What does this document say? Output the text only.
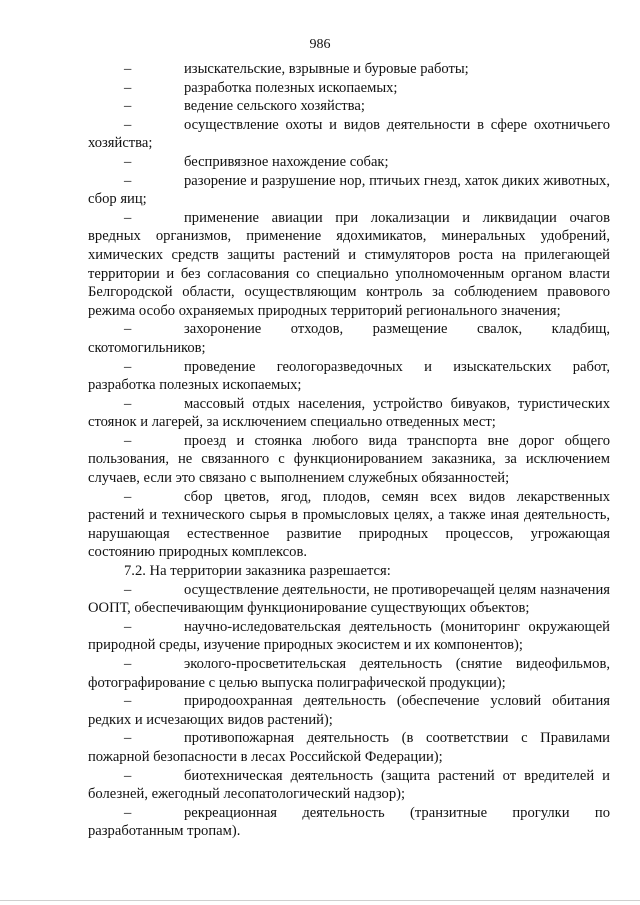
986

–	изыскательские, взрывные и буровые работы;

–	разработка полезных ископаемых;

–	ведение сельского хозяйства;

–	осуществление охоты и видов деятельности в сфере охотничьего хозяйства;

–	беспривязное нахождение собак;

–	разорение и разрушение нор, птичьих гнезд, хаток диких животных, сбор яиц;

–	применение авиации при локализации и ликвидации очагов вредных организмов, применение ядохимикатов, минеральных удобрений, химических средств защиты растений и стимуляторов роста на прилегающей территории и без согласования со специально уполномоченным органом власти Белгородской области, осуществляющим контроль за соблюдением правового режима особо охраняемых природных территорий регионального значения;

–	захоронение отходов, размещение свалок, кладбищ, скотомогильников;

–	проведение геологоразведочных и изыскательских работ, разработка полезных ископаемых;

–	массовый отдых населения, устройство бивуаков, туристических стоянок и лагерей, за исключением специально отведенных мест;

–	проезд и стоянка любого вида транспорта вне дорог общего пользования, не связанного с функционированием заказника, за исключением случаев, если это связано с выполнением служебных обязанностей;

–	сбор цветов, ягод, плодов, семян всех видов лекарственных растений и технического сырья в промысловых целях, а также иная деятельность, нарушающая естественное развитие природных процессов, угрожающая состоянию природных комплексов.

7.2. На территории заказника разрешается:

–	осуществление деятельности, не противоречащей целям назначения ООПТ, обеспечивающим функционирование существующих объектов;

–	научно-иследовательская деятельность (мониторинг окружающей природной среды, изучение природных экосистем и их компонентов);

–	эколого-просветительская деятельность (снятие видеофильмов, фотографирование с целью выпуска полиграфической продукции);

–	природоохранная деятельность (обеспечение условий обитания редких и исчезающих видов растений);

–	противопожарная деятельность (в соответствии с Правилами пожарной безопасности в лесах Российской Федерации);

–	биотехническая деятельность (защита растений от вредителей и болезней, ежегодный лесопатологический надзор);

–	рекреационная деятельность (транзитные прогулки по разработанным тропам).
